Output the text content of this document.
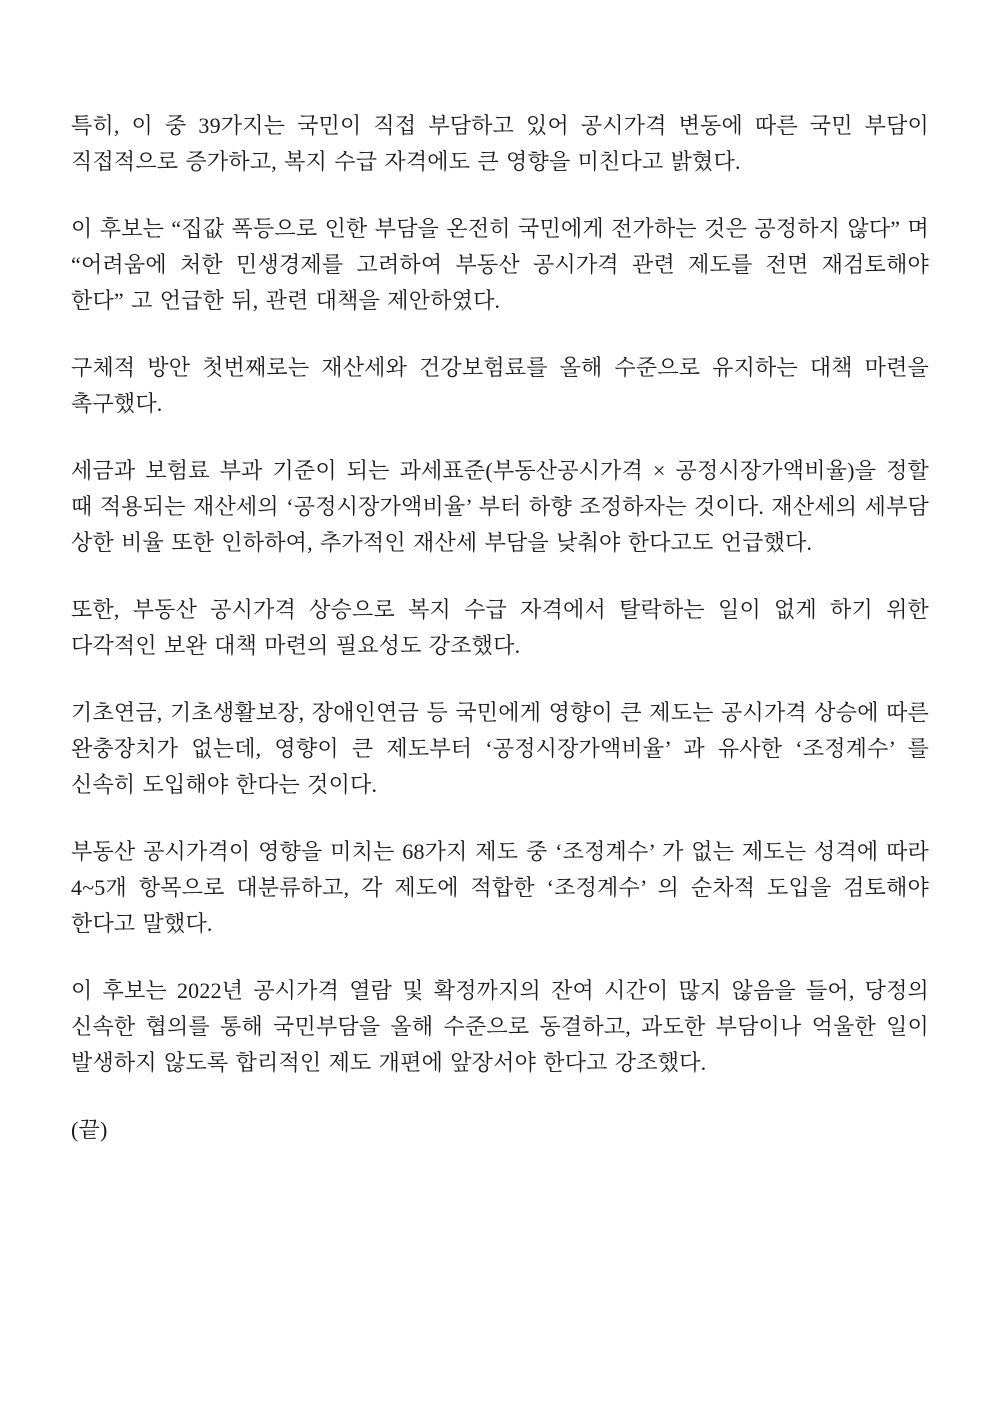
특히, 이 중 39가지는 국민이 직접 부담하고 있어 공시가격 변동에 따른 국민 부담이 직접적으로 증가하고, 복지 수급 자격에도 큰 영향을 미친다고 밝혔다.

이 후보는 “집값 폭등으로 인한 부담을 온전히 국민에게 전가하는 것은 공정하지 않다” 며 “어려움에 처한 민생경제를 고려하여 부동산 공시가격 관련 제도를 전면 재검토해야 한다” 고 언급한 뒤, 관련 대책을 제안하였다.

구체적 방안 첫번째로는 재산세와 건강보험료를 올해 수준으로 유지하는 대책 마련을 촉구했다.

세금과 보험료 부과 기준이 되는 과세표준(부동산공시가격 × 공정시장가액비율)을 정할 때 적용되는 재산세의 ‘공정시장가액비율’ 부터 하향 조정하자는 것이다. 재산세의 세부담 상한 비율 또한 인하하여, 추가적인 재산세 부담을 낮춰야 한다고도 언급했다.

또한, 부동산 공시가격 상승으로 복지 수급 자격에서 탈락하는 일이 없게 하기 위한 다각적인 보완 대책 마련의 필요성도 강조했다.

기초연금, 기초생활보장, 장애인연금 등 국민에게 영향이 큰 제도는 공시가격 상승에 따른 완충장치가 없는데, 영향이 큰 제도부터 ‘공정시장가액비율’ 과 유사한 ‘조정계수’ 를 신속히 도입해야 한다는 것이다.

부동산 공시가격이 영향을 미치는 68가지 제도 중 ‘조정계수’ 가 없는 제도는 성격에 따라 4~5개 항목으로 대분류하고, 각 제도에 적합한 ‘조정계수’ 의 순차적 도입을 검토해야 한다고 말했다.

이 후보는 2022년 공시가격 열람 및 확정까지의 잔여 시간이 많지 않음을 들어, 당정의 신속한 협의를 통해 국민부담을 올해 수준으로 동결하고, 과도한 부담이나 억울한 일이 발생하지 않도록 합리적인 제도 개편에 앞장서야 한다고 강조했다.

(끝)
